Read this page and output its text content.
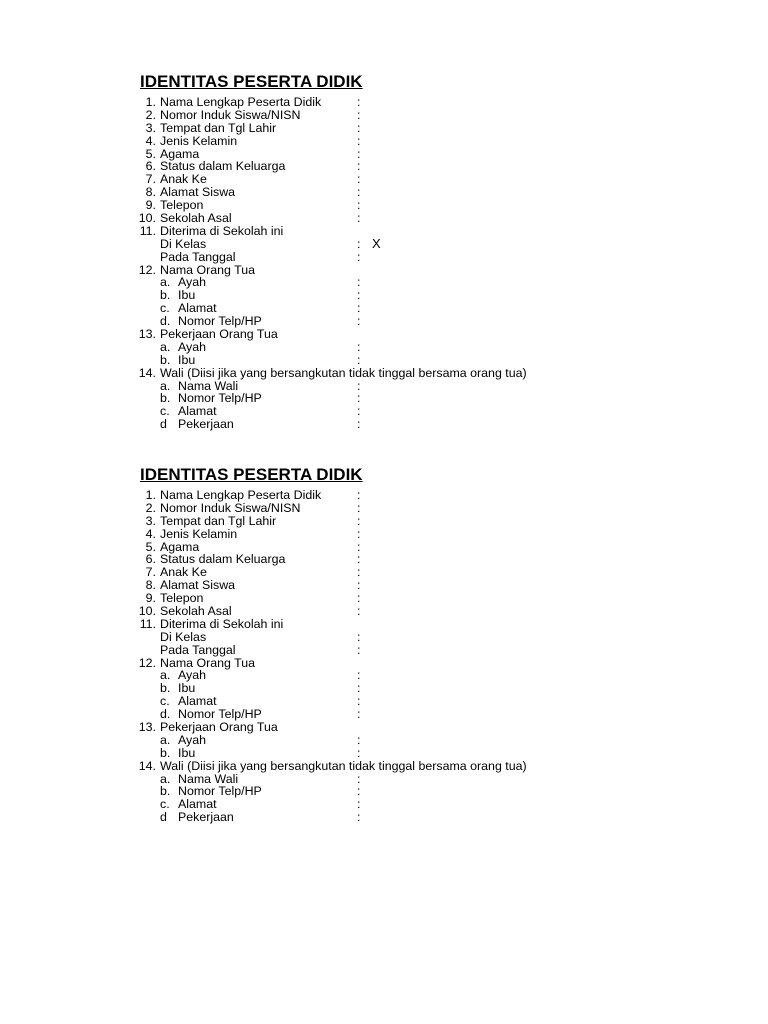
IDENTITAS PESERTA DIDIK
1. Nama Lengkap Peserta Didik	:
2. Nomor Induk Siswa/NISN	:
3. Tempat dan Tgl Lahir	:
4. Jenis Kelamin	:
5. Agama	:
6. Status dalam Keluarga	:
7. Anak Ke	:
8. Alamat Siswa	:
9. Telepon	:
10. Sekolah Asal	:
11. Diterima di Sekolah ini
Di Kelas	: X
Pada Tanggal	:
12. Nama Orang Tua
a. Ayah	:
b. Ibu	:
c. Alamat	:
d. Nomor Telp/HP	:
13. Pekerjaan Orang Tua
a. Ayah	:
b. Ibu	:
14. Wali (Diisi jika yang bersangkutan tidak tinggal bersama orang tua)
a. Nama Wali	:
b. Nomor Telp/HP	:
c. Alamat	:
d Pekerjaan	:
IDENTITAS PESERTA DIDIK
1. Nama Lengkap Peserta Didik	:
2. Nomor Induk Siswa/NISN	:
3. Tempat dan Tgl Lahir	:
4. Jenis Kelamin	:
5. Agama	:
6. Status dalam Keluarga	:
7. Anak Ke	:
8. Alamat Siswa	:
9. Telepon	:
10. Sekolah Asal	:
11. Diterima di Sekolah ini
Di Kelas	:
Pada Tanggal	:
12. Nama Orang Tua
a. Ayah	:
b. Ibu	:
c. Alamat	:
d. Nomor Telp/HP	:
13. Pekerjaan Orang Tua
a. Ayah	:
b. Ibu	:
14. Wali (Diisi jika yang bersangkutan tidak tinggal bersama orang tua)
a. Nama Wali	:
b. Nomor Telp/HP	:
c. Alamat	:
d Pekerjaan	:
